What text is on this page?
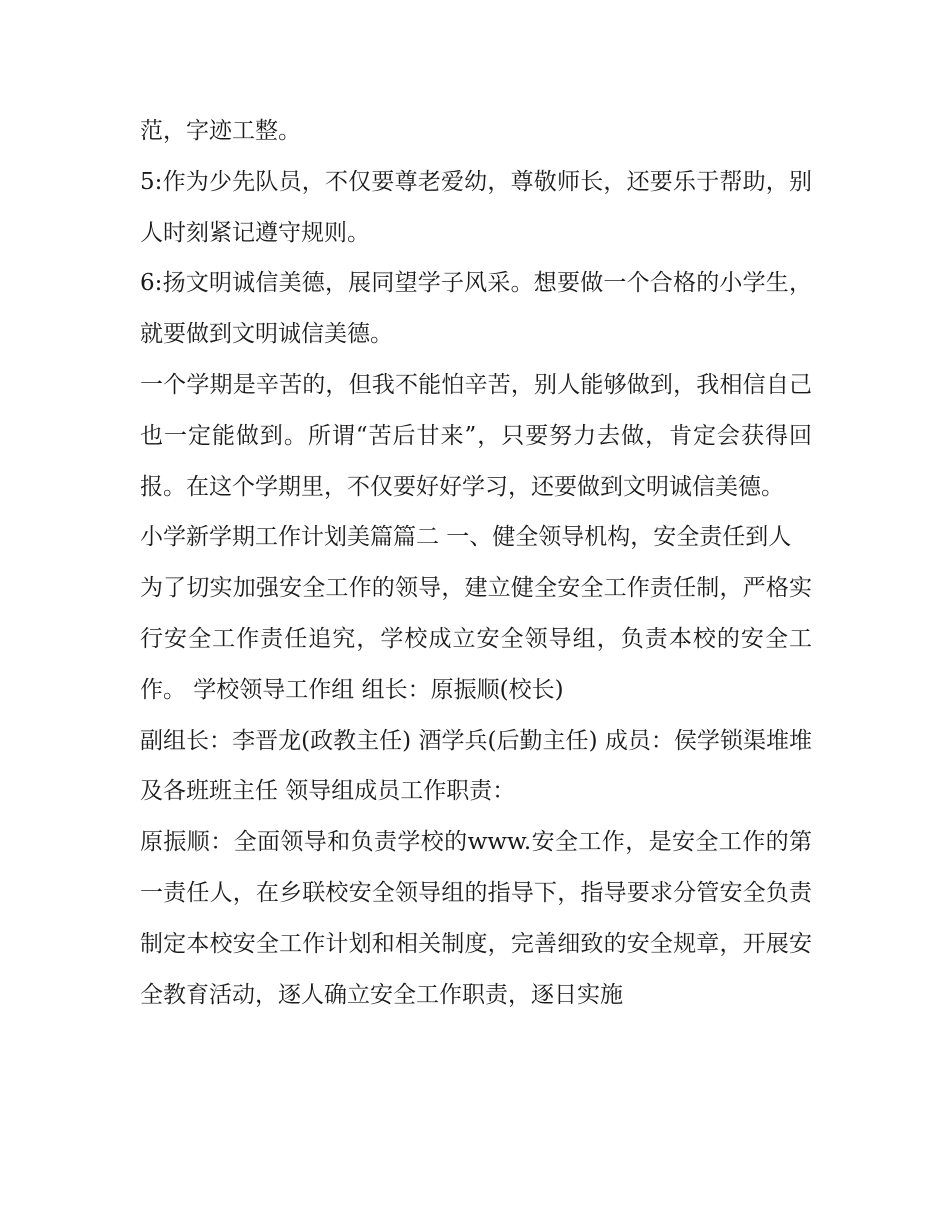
范，字迹工整。

5:作为少先队员，不仅要尊老爱幼，尊敬师长，还要乐于帮助，别人时刻紧记遵守规则。

6:扬文明诚信美德，展同望学子风采。想要做一个合格的小学生，就要做到文明诚信美德。

一个学期是辛苦的，但我不能怕辛苦，别人能够做到，我相信自己也一定能做到。所谓“苦后甘来”，只要努力去做，肯定会获得回报。在这个学期里，不仅要好好学习，还要做到文明诚信美德。

小学新学期工作计划美篇篇二 一、健全领导机构，安全责任到人

为了切实加强安全工作的领导，建立健全安全工作责任制，严格实行安全工作责任追究，学校成立安全领导组，负责本校的安全工作。 学校领导工作组 组长：原振顺(校长)

副组长：李晋龙(政教主任) 酒学兵(后勤主任) 成员：侯学锁渠堆堆及各班班主任 领导组成员工作职责：

原振顺：全面领导和负责学校的www.安全工作，是安全工作的第一责任人，在乡联校安全领导组的指导下，指导要求分管安全负责制定本校安全工作计划和相关制度，完善细致的安全规章，开展安全教育活动，逐人确立安全工作职责，逐日实施
